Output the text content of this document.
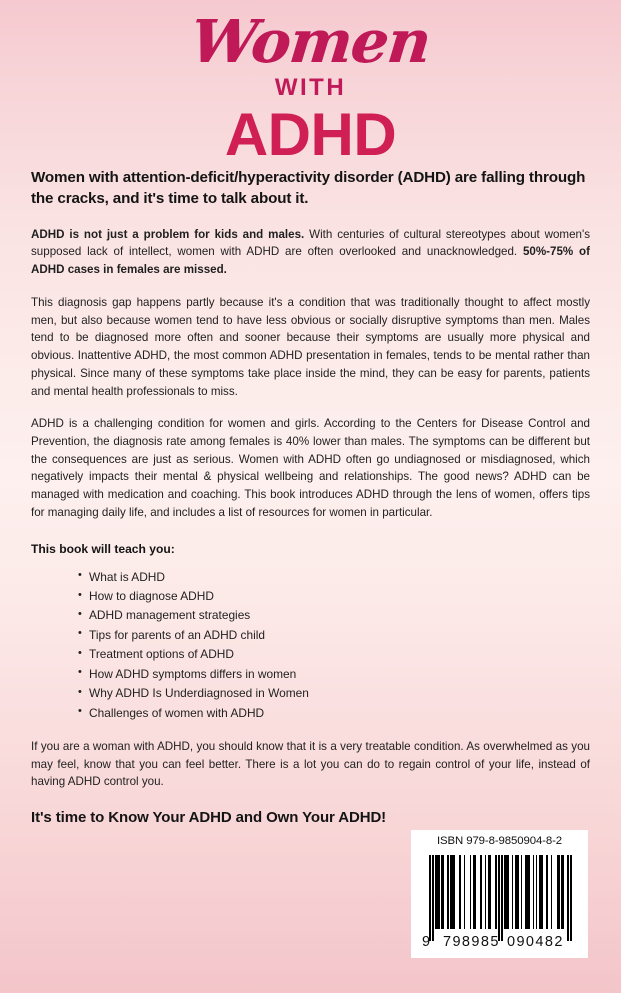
Women
WITH
ADHD
Women with attention-deficit/hyperactivity disorder (ADHD) are falling through the cracks, and it's time to talk about it.

ADHD is not just a problem for kids and males. With centuries of cultural stereotypes about women's supposed lack of intellect, women with ADHD are often overlooked and unacknowledged. 50%-75% of ADHD cases in females are missed.

This diagnosis gap happens partly because it's a condition that was traditionally thought to affect mostly men, but also because women tend to have less obvious or socially disruptive symptoms than men. Males tend to be diagnosed more often and sooner because their symptoms are usually more physical and obvious. Inattentive ADHD, the most common ADHD presentation in females, tends to be mental rather than physical. Since many of these symptoms take place inside the mind, they can be easy for parents, patients and mental health professionals to miss.

ADHD is a challenging condition for women and girls. According to the Centers for Disease Control and Prevention, the diagnosis rate among females is 40% lower than males. The symptoms can be different but the consequences are just as serious. Women with ADHD often go undiagnosed or misdiagnosed, which negatively impacts their mental & physical wellbeing and relationships. The good news? ADHD can be managed with medication and coaching. This book introduces ADHD through the lens of women, offers tips for managing daily life, and includes a list of resources for women in particular.

This book will teach you:
• What is ADHD
• How to diagnose ADHD
• ADHD management strategies
• Tips for parents of an ADHD child
• Treatment options of ADHD
• How ADHD symptoms differs in women
• Why ADHD Is Underdiagnosed in Women
• Challenges of women with ADHD

If you are a woman with ADHD, you should know that it is a very treatable condition. As overwhelmed as you may feel, know that you can feel better. There is a lot you can do to regain control of your life, instead of having ADHD control you.

It's time to Know Your ADHD and Own Your ADHD!
ISBN 979-8-9850904-8-2
9 798985 090482
